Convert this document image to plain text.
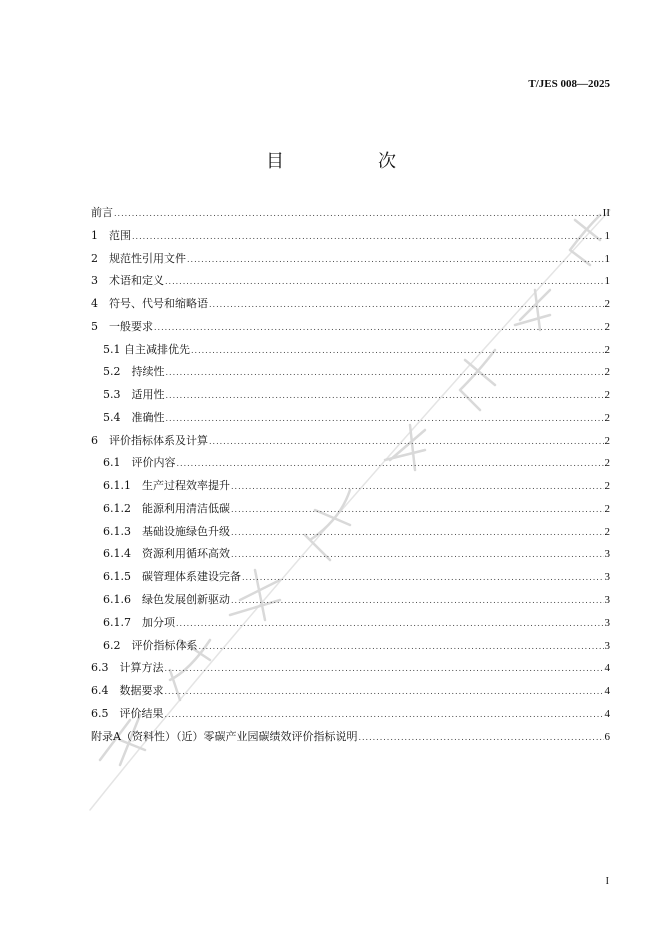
T/JES 008—2025
目　次
前言 .....	II
1　 范围 .....	1
2　 规范性引用文件 .....	1
3　 术语和定义 .....	1
4　 符号、代号和缩略语 .....	2
5　 一般要求 .....	2
5.1 自主减排优先 .....	2
5.2　 持续性 .....	2
5.3　 适用性 .....	2
5.4　 准确性 .....	2
6　 评价指标体系及计算 .....	2
6.1　 评价内容 .....	2
6.1.1　 生产过程效率提升 .....	2
6.1.2　 能源利用清洁低碳 .....	2
6.1.3　 基础设施绿色升级 .....	2
6.1.4　 资源利用循环高效 .....	3
6.1.5　 碳管理体系建设完备 .....	3
6.1.6　 绿色发展创新驱动 .....	3
6.1.7　 加分项 .....	3
6.2　 评价指标体系 .....	3
6.3　 计算方法 .....	4
6.4　 数据要求 .....	4
6.5　 评价结果 .....	4
附录A（资料性）（近）零碳产业园碳绩效评价指标说明 .....	6
I
